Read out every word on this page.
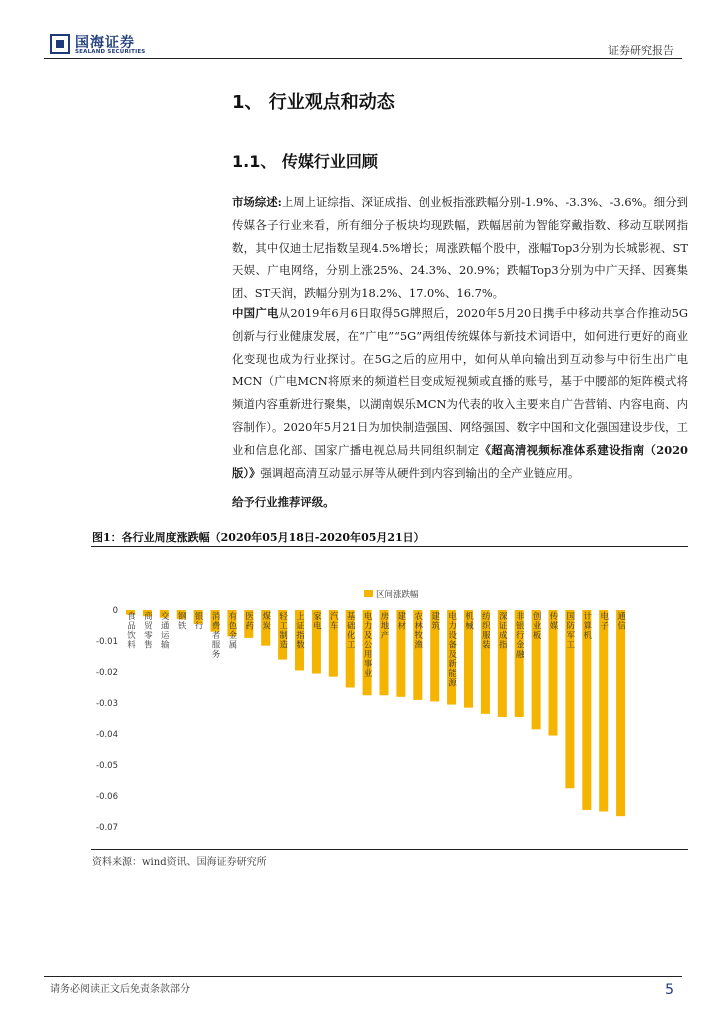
国海证券
SEALAND SECURITIES	证券研究报告
1、 行业观点和动态
1.1、 传媒行业回顾
市场综述:上周上证综指、深证成指、创业板指涨跌幅分别-1.9%、-3.3%、-3.6%。细分到传媒各子行业来看，所有细分子板块均现跌幅，跌幅居前为智能穿戴指数、移动互联网指数，其中仅迪士尼指数呈现4.5%增长；周涨跌幅个股中，涨幅Top3分别为长城影视、ST天娱、广电网络，分别上涨25%、24.3%、20.9%；跌幅Top3分别为中广天择、因赛集团、ST天润，跌幅分别为18.2%、17.0%、16.7%。
中国广电从2019年6月6日取得5G牌照后，2020年5月20日携手中移动共享合作推动5G创新与行业健康发展，在“广电”“5G”两组传统媒体与新技术词语中，如何进行更好的商业化变现也成为行业探讨。在5G之后的应用中，如何从单向输出到互动参与中衍生出广电MCN（广电MCN将原来的频道栏目变成短视频或直播的账号，基于中腰部的矩阵模式将频道内容重新进行聚集，以湖南娱乐MCN为代表的收入主要来自广告营销、内容电商、内容制作）。2020年5月21日为加快制造强国、网络强国、数字中国和文化强国建设步伐，工业和信息化部、国家广播电视总局共同组织制定《超高清视频标准体系建设指南（2020版）》强调超高清互动显示屏等从硬件到内容到输出的全产业链应用。
给予行业推荐评级。
图1：各行业周度涨跌幅（2020年05月18日-2020年05月21日）
0
-0.01
-0.02
-0.03
-0.04
-0.05
-0.06
-0.07
食品饮料
商贸零售
交通运输
钢铁
银行
消费者服务
有色金属
医药
煤炭
轻工制造
上证指数
家电
汽车
基础化工
电力及公用事业
房地产
建材
农林牧渔
建筑
电力设备及新能源
机械
纺织服装
深证成指
非银行金融
创业板
传媒
国防军工
计算机
电子
通信
区间涨跌幅
资料来源：wind资讯、国海证券研究所
请务必阅读正文后免责条款部分	5
